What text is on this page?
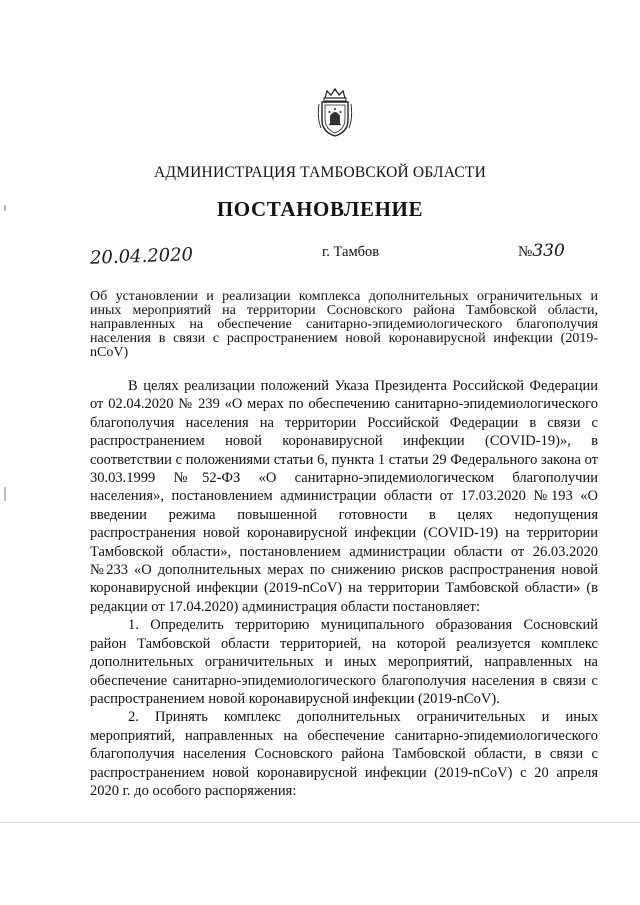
АДМИНИСТРАЦИЯ ТАМБОВСКОЙ ОБЛАСТИ
ПОСТАНОВЛЕНИЕ
20.04.2020	г. Тамбов	№330
Об установлении и реализации комплекса дополнительных ограничительных и иных мероприятий на территории Сосновского района Тамбовской области, направленных на обеспечение санитарно-эпидемиологического благополучия населения в связи с распространением новой коронавирусной инфекции (2019-nCoV)

В целях реализации положений Указа Президента Российской Федерации от 02.04.2020 № 239 «О мерах по обеспечению санитарно-эпидемиологического благополучия населения на территории Российской Федерации в связи с распространением новой коронавирусной инфекции (COVID-19)», в соответствии с положениями статьи 6, пункта 1 статьи 29 Федерального закона от 30.03.1999 №52-ФЗ «О санитарно-эпидемиологическом благополучии населения», постановлением администрации области от 17.03.2020 №193 «О введении режима повышенной готовности в целях недопущения распространения новой коронавирусной инфекции (COVID-19) на территории Тамбовской области», постановлением администрации области от 26.03.2020 №233 «О дополнительных мерах по снижению рисков распространения новой коронавирусной инфекции (2019-nCoV) на территории Тамбовской области» (в редакции от 17.04.2020) администрация области постановляет:

1. Определить территорию муниципального образования Сосновский район Тамбовской области территорией, на которой реализуется комплекс дополнительных ограничительных и иных мероприятий, направленных на обеспечение санитарно-эпидемиологического благополучия населения в связи с распространением новой коронавирусной инфекции (2019-nCoV).

2. Принять комплекс дополнительных ограничительных и иных мероприятий, направленных на обеспечение санитарно-эпидемиологического благополучия населения Сосновского района Тамбовской области, в связи с распространением новой коронавирусной инфекции (2019-nCoV) с 20 апреля 2020 г. до особого распоряжения:
